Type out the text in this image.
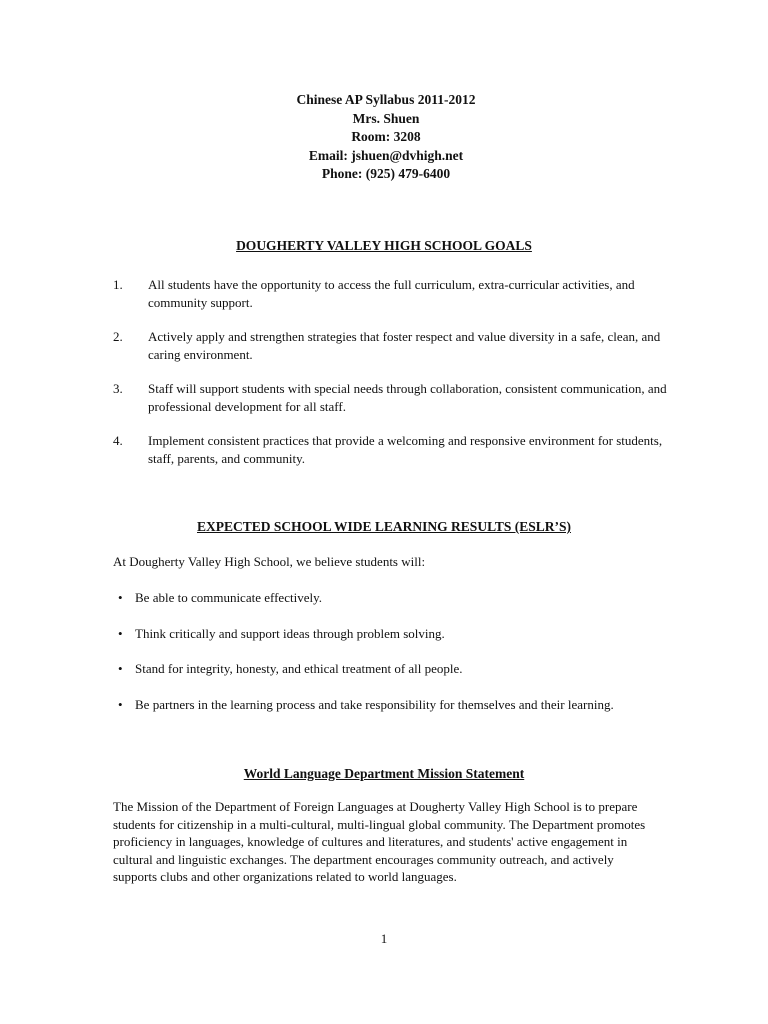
Chinese AP Syllabus 2011-2012
Mrs. Shuen
Room: 3208
Email: jshuen@dvhigh.net
Phone: (925) 479-6400
DOUGHERTY VALLEY HIGH SCHOOL GOALS
1. All students have the opportunity to access the full curriculum, extra-curricular activities, and community support.
2. Actively apply and strengthen strategies that foster respect and value diversity in a safe, clean, and caring environment.
3. Staff will support students with special needs through collaboration, consistent communication, and professional development for all staff.
4. Implement consistent practices that provide a welcoming and responsive environment for students, staff, parents, and community.
EXPECTED SCHOOL WIDE LEARNING RESULTS (ESLR’S)
At Dougherty Valley High School, we believe students will:
• Be able to communicate effectively.
• Think critically and support ideas through problem solving.
• Stand for integrity, honesty, and ethical treatment of all people.
• Be partners in the learning process and take responsibility for themselves and their learning.
World Language Department Mission Statement
The Mission of the Department of Foreign Languages at Dougherty Valley High School is to prepare students for citizenship in a multi-cultural, multi-lingual global community. The Department promotes proficiency in languages, knowledge of cultures and literatures, and students' active engagement in cultural and linguistic exchanges. The department encourages community outreach, and actively supports clubs and other organizations related to world languages.
1
